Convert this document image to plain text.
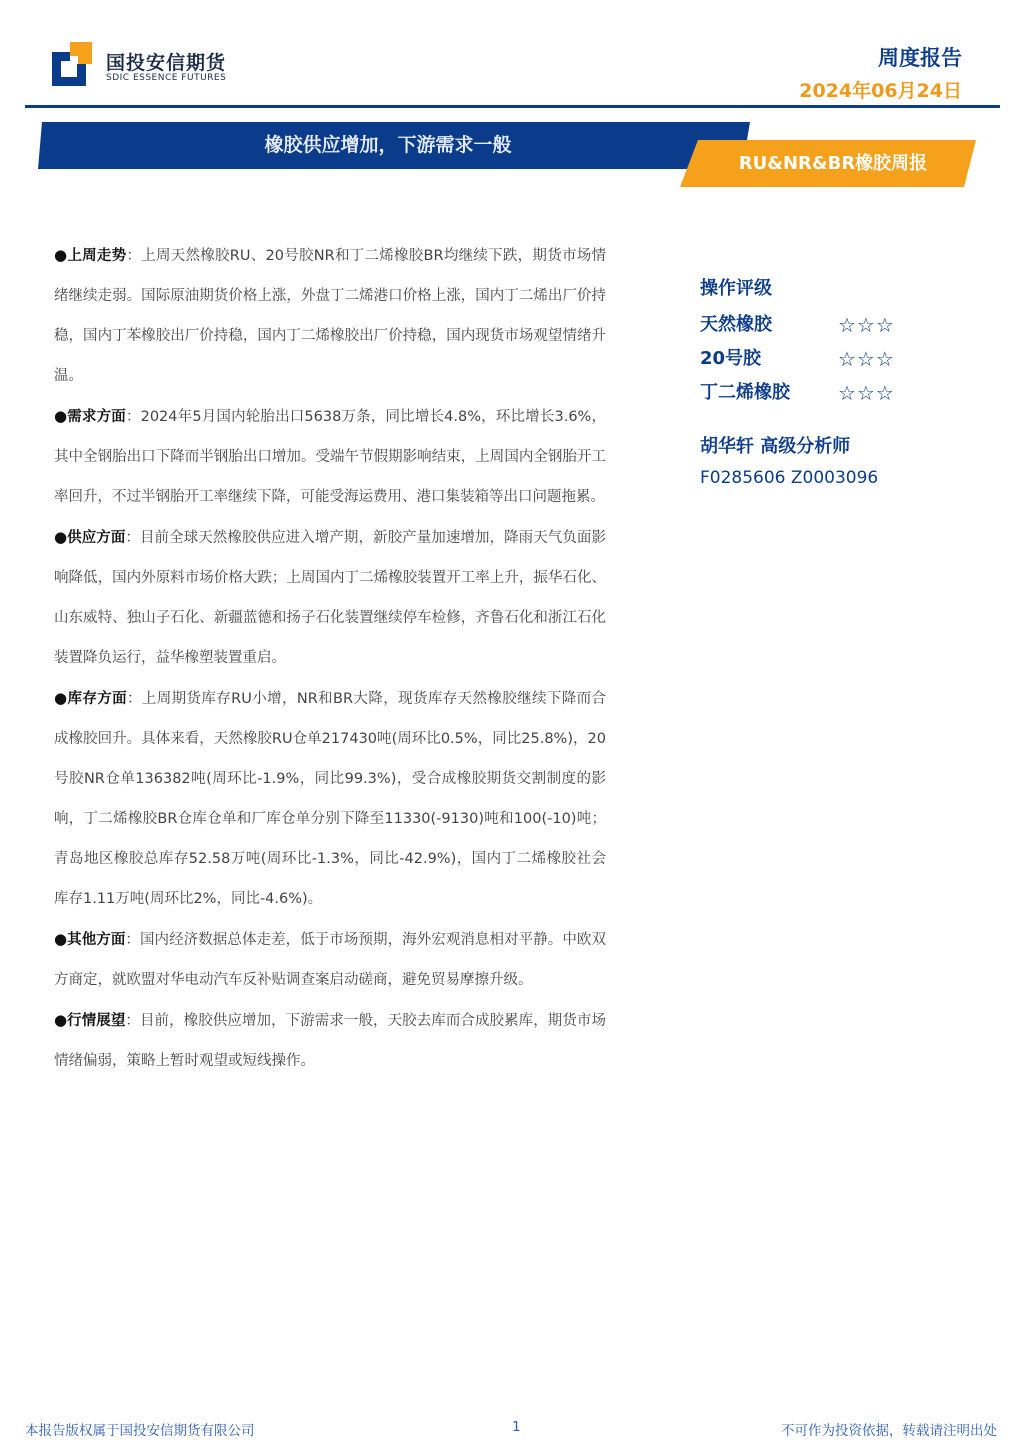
国投安信期货
SDIC ESSENCE FUTURES
周度报告
2024年06月24日
橡胶供应增加，下游需求一般
RU&NR&BR橡胶周报

●上周走势：上周天然橡胶RU、20号胶NR和丁二烯橡胶BR均继续下跌，期货市场情绪继续走弱。国际原油期货价格上涨，外盘丁二烯港口价格上涨，国内丁二烯出厂价持稳，国内丁苯橡胶出厂价持稳，国内丁二烯橡胶出厂价持稳，国内现货市场观望情绪升温。

●需求方面：2024年5月国内轮胎出口5638万条，同比增长4.8%，环比增长3.6%，其中全钢胎出口下降而半钢胎出口增加。受端午节假期影响结束，上周国内全钢胎开工率回升，不过半钢胎开工率继续下降，可能受海运费用、港口集装箱等出口问题拖累。

●供应方面：目前全球天然橡胶供应进入增产期，新胶产量加速增加，降雨天气负面影响降低，国内外原料市场价格大跌；上周国内丁二烯橡胶装置开工率上升，振华石化、山东威特、独山子石化、新疆蓝德和扬子石化装置继续停车检修，齐鲁石化和浙江石化装置降负运行，益华橡塑装置重启。

●库存方面：上周期货库存RU小增，NR和BR大降，现货库存天然橡胶继续下降而合成橡胶回升。具体来看，天然橡胶RU仓单217430吨(周环比0.5%，同比25.8%)，20号胶NR仓单136382吨(周环比-1.9%，同比99.3%)，受合成橡胶期货交割制度的影响，丁二烯橡胶BR仓库仓单和厂库仓单分别下降至11330(-9130)吨和100(-10)吨；青岛地区橡胶总库存52.58万吨(周环比-1.3%，同比-42.9%)，国内丁二烯橡胶社会库存1.11万吨(周环比2%，同比-4.6%)。

●其他方面：国内经济数据总体走差，低于市场预期，海外宏观消息相对平静。中欧双方商定，就欧盟对华电动汽车反补贴调查案启动磋商，避免贸易摩擦升级。

●行情展望：目前，橡胶供应增加，下游需求一般，天胶去库而合成胶累库，期货市场情绪偏弱，策略上暂时观望或短线操作。

操作评级
天然橡胶	☆☆☆
20号胶	☆☆☆
丁二烯橡胶	☆☆☆
胡华轩 高级分析师
F0285606 Z0003096
本报告版权属于国投安信期货有限公司	1	不可作为投资依据，转载请注明出处
